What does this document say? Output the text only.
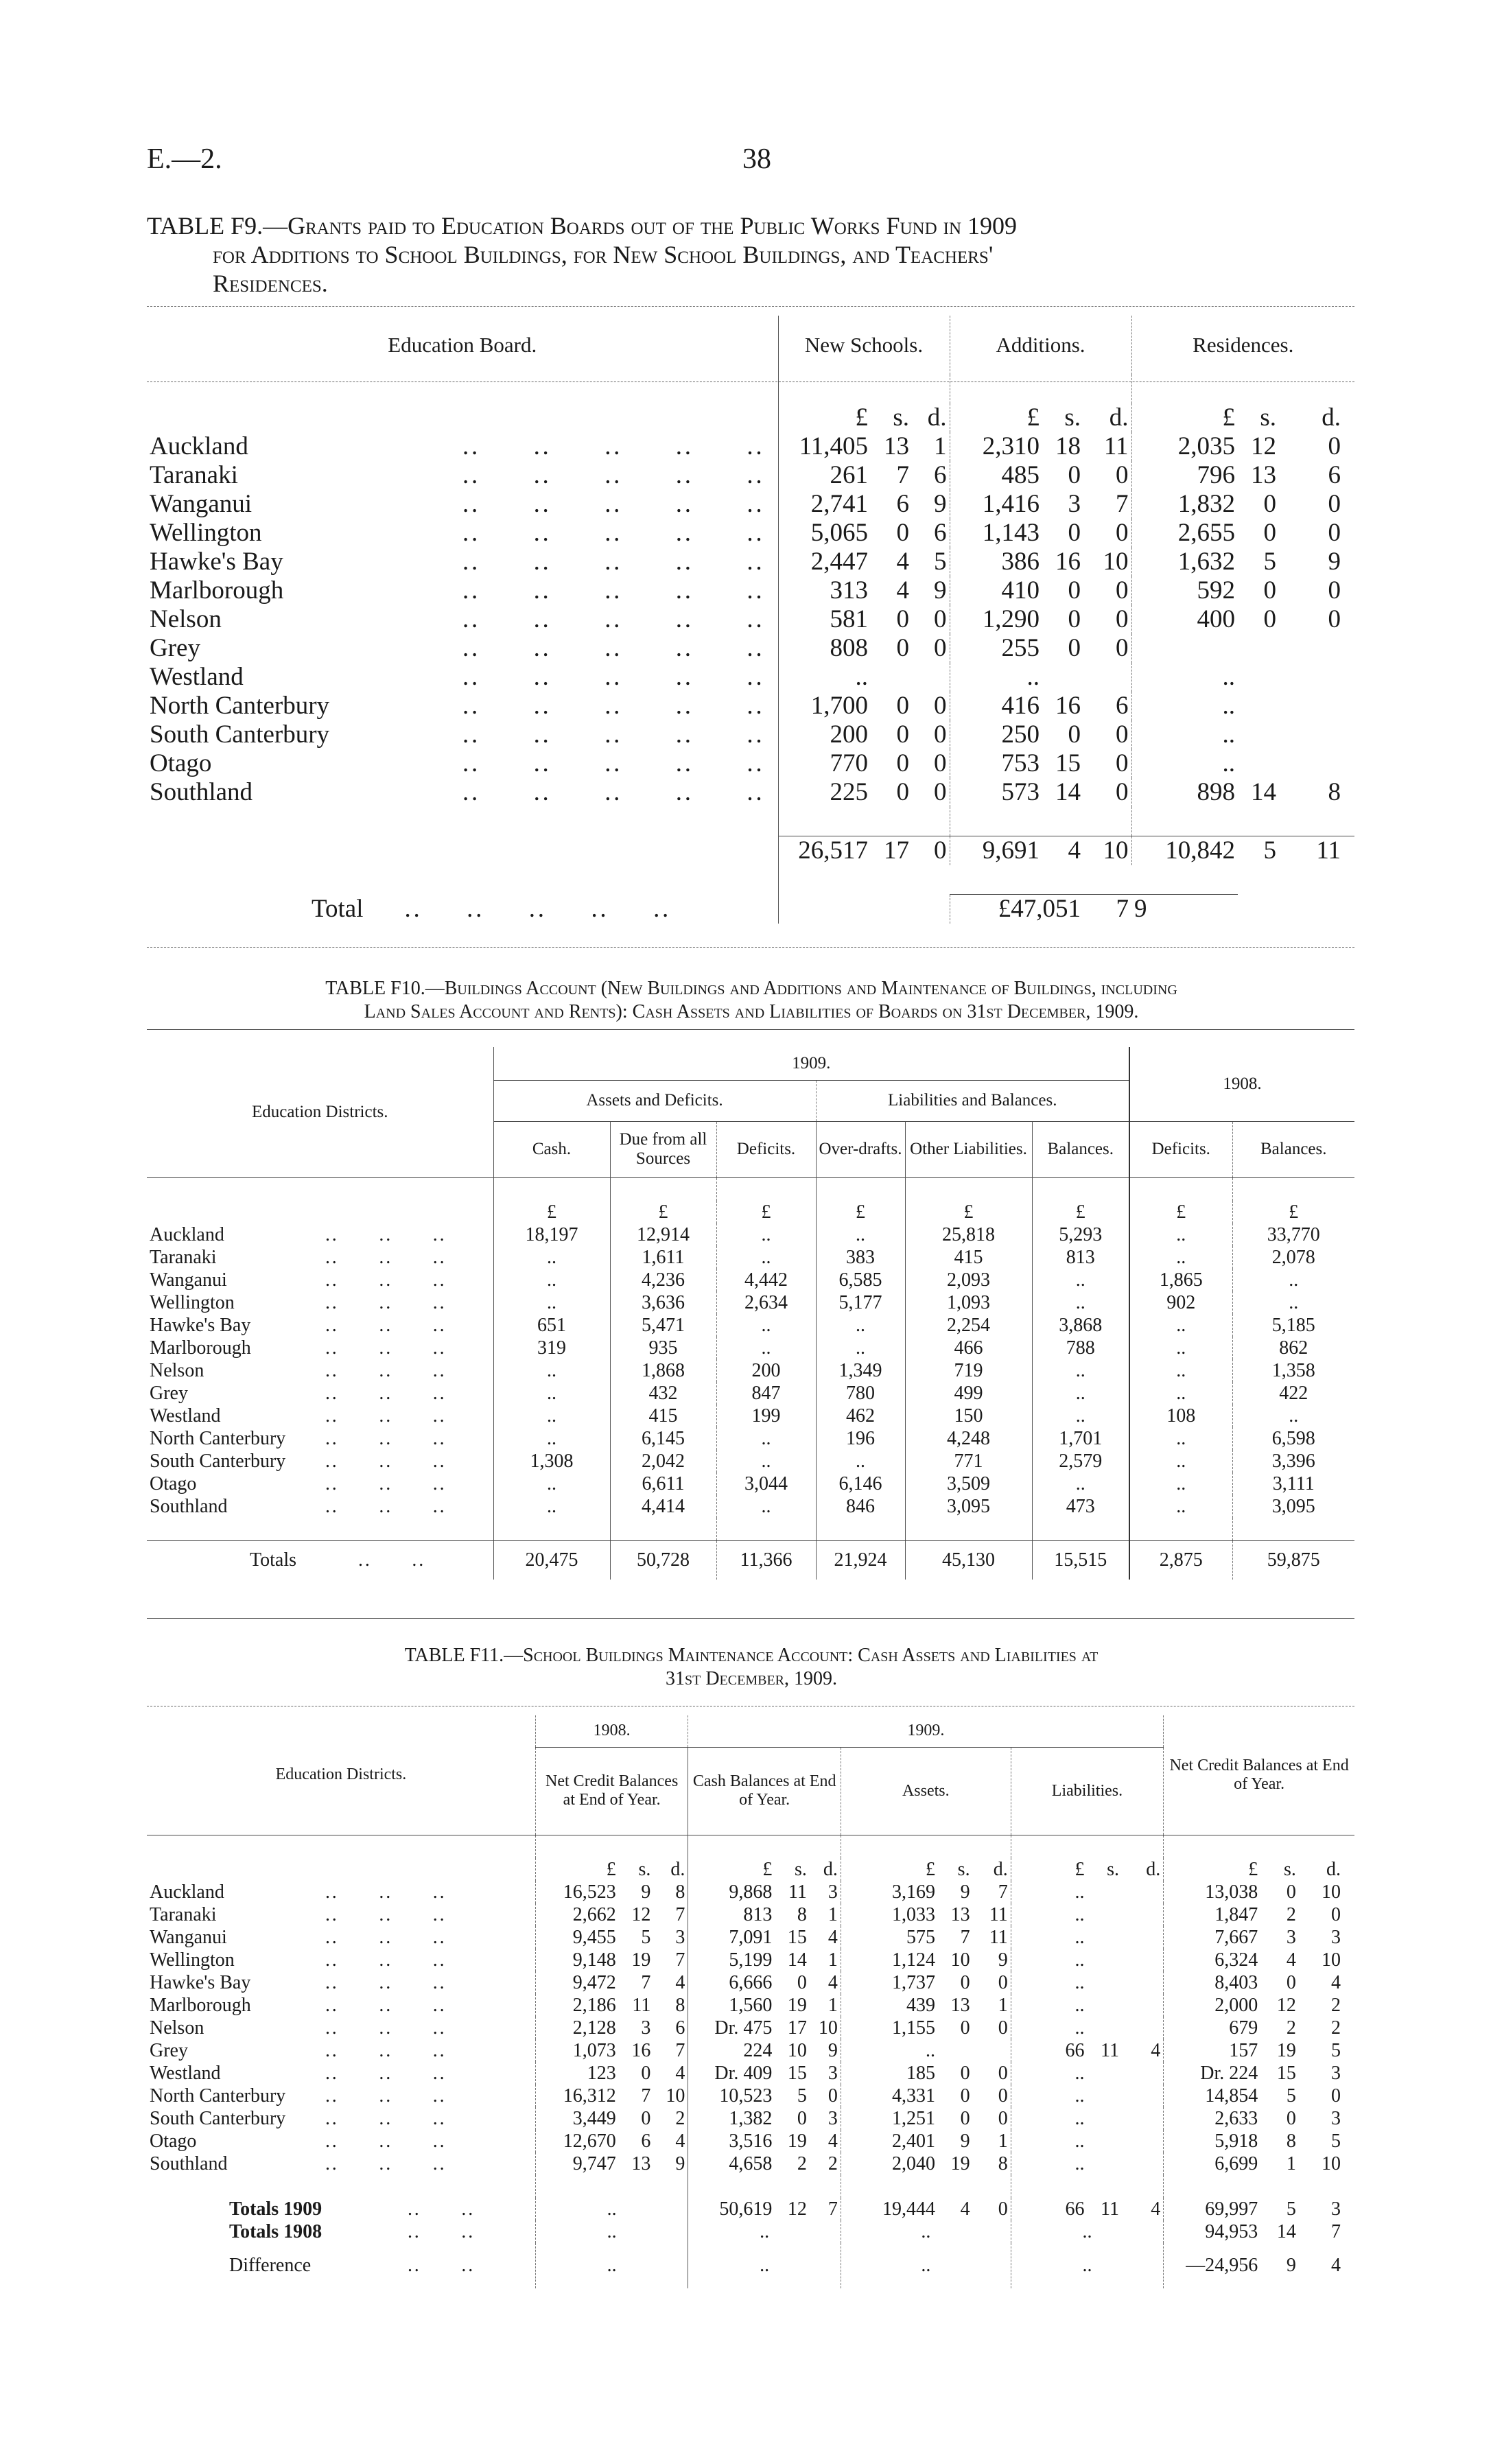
E.—2.	38
TABLE F9.—Grants paid to Education Boards out of the Public Works Fund in 1909
for Additions to School Buildings, for New School Buildings, and Teachers'
Residences.
Education Board.	New Schools.			Additions.			Residences.		

	£	s.	d.	£	s.	d.	£	s.	d.
Auckland ..      ..      ..      ..      ..	11,405	13	1	2,310	18	11	2,035	12	0
Taranaki ..      ..      ..      ..      ..	261	7	6	485	0	0	796	13	6
Wanganui ..      ..      ..      ..      ..	2,741	6	9	1,416	3	7	1,832	0	0
Wellington ..      ..      ..      ..      ..	5,065	0	6	1,143	0	0	2,655	0	0
Hawke's Bay ..      ..      ..      ..      ..	2,447	4	5	386	16	10	1,632	5	9
Marlborough ..      ..      ..      ..      ..	313	4	9	410	0	0	592	0	0
Nelson ..      ..      ..      ..      ..	581	0	0	1,290	0	0	400	0	0
Grey ..      ..      ..      ..      ..	808	0	0	255	0	0			
Westland ..      ..      ..      ..      ..	..			..			..		
North Canterbury ..      ..      ..      ..      ..	1,700	0	0	416	16	6	..		
South Canterbury ..      ..      ..      ..      ..	200	0	0	250	0	0	..		
Otago ..      ..      ..      ..      ..	770	0	0	753	15	0	..		
Southland ..      ..      ..      ..      ..	225	0	0	573	14	0	898	14	8

	26,517	17	0	9,691	4	10	10,842	5	11

Total ..     ..     ..     ..     ..				£47,051		7	9		
TABLE F10.—Buildings Account (New Buildings and Additions and Maintenance of Buildings, including
Land Sales Account and Rents): Cash Assets and Liabilities of Boards on 31st December, 1909.
Education Districts.	1909.						1908.	
	Assets and Deficits.			Liabilities and Balances.				
	Cash.	Due from all Sources	Deficits.	Over-drafts.	Other Liabilities.	Balances.	Deficits.	Balances.

	£	£	£	£	£	£	£	£
Auckland ..      ..      ..	18,197	12,914	..	..	25,818	5,293	..	33,770
Taranaki ..      ..      ..	..	1,611	..	383	415	813	..	2,078
Wanganui ..      ..      ..	..	4,236	4,442	6,585	2,093	..	1,865	..
Wellington ..      ..      ..	..	3,636	2,634	5,177	1,093	..	902	..
Hawke's Bay ..      ..      ..	651	5,471	..	..	2,254	3,868	..	5,185
Marlborough ..      ..      ..	319	935	..	..	466	788	..	862
Nelson ..      ..      ..	..	1,868	200	1,349	719	..	..	1,358
Grey ..      ..      ..	..	432	847	780	499	..	..	422
Westland ..      ..      ..	..	415	199	462	150	..	108	..
North Canterbury ..      ..      ..	..	6,145	..	196	4,248	1,701	..	6,598
South Canterbury ..      ..      ..	1,308	2,042	..	..	771	2,579	..	3,396
Otago ..      ..      ..	..	6,611	3,044	6,146	3,509	..	..	3,111
Southland ..      ..      ..	..	4,414	..	846	3,095	473	..	3,095

Totals ..      ..	20,475	50,728	11,366	21,924	45,130	15,515	2,875	59,875
TABLE F11.—School Buildings Maintenance Account: Cash Assets and Liabilities at
31st December, 1909.
Education Districts.	1908.			1909.									Net Credit Balances at End of Year.		
	Net Credit Balances at End of Year.			Cash Balances at End of Year.			Assets.			Liabilities.					

	£	s.	d.	£	s.	d.	£	s.	d.	£	s.	d.	£	s.	d.
Auckland ..      ..      ..	16,523	9	8	9,868	11	3	3,169	9	7	..			13,038	0	10
Taranaki ..      ..      ..	2,662	12	7	813	8	1	1,033	13	11	..			1,847	2	0
Wanganui ..      ..      ..	9,455	5	3	7,091	15	4	575	7	11	..			7,667	3	3
Wellington ..      ..      ..	9,148	19	7	5,199	14	1	1,124	10	9	..			6,324	4	10
Hawke's Bay ..      ..      ..	9,472	7	4	6,666	0	4	1,737	0	0	..			8,403	0	4
Marlborough ..      ..      ..	2,186	11	8	1,560	19	1	439	13	1	..			2,000	12	2
Nelson ..      ..      ..	2,128	3	6	Dr. 475	17	10	1,155	0	0	..			679	2	2
Grey ..      ..      ..	1,073	16	7	224	10	9	..			66	11	4	157	19	5
Westland ..      ..      ..	123	0	4	Dr. 409	15	3	185	0	0	..			Dr. 224	15	3
North Canterbury ..      ..      ..	16,312	7	10	10,523	5	0	4,331	0	0	..			14,854	5	0
South Canterbury ..      ..      ..	3,449	0	2	1,382	0	3	1,251	0	0	..			2,633	0	3
Otago ..      ..      ..	12,670	6	4	3,516	19	4	2,401	9	1	..			5,918	8	5
Southland ..      ..      ..	9,747	13	9	4,658	2	2	2,040	19	8	..			6,699	1	10

Totals 1909 ..      ..	..			50,619	12	7	19,444	4	0	66	11	4	69,997	5	3
Totals 1908 ..      ..	..			..			..			..			94,953	14	7
Difference ..      ..	..			..			..			..			—24,956	9	4
